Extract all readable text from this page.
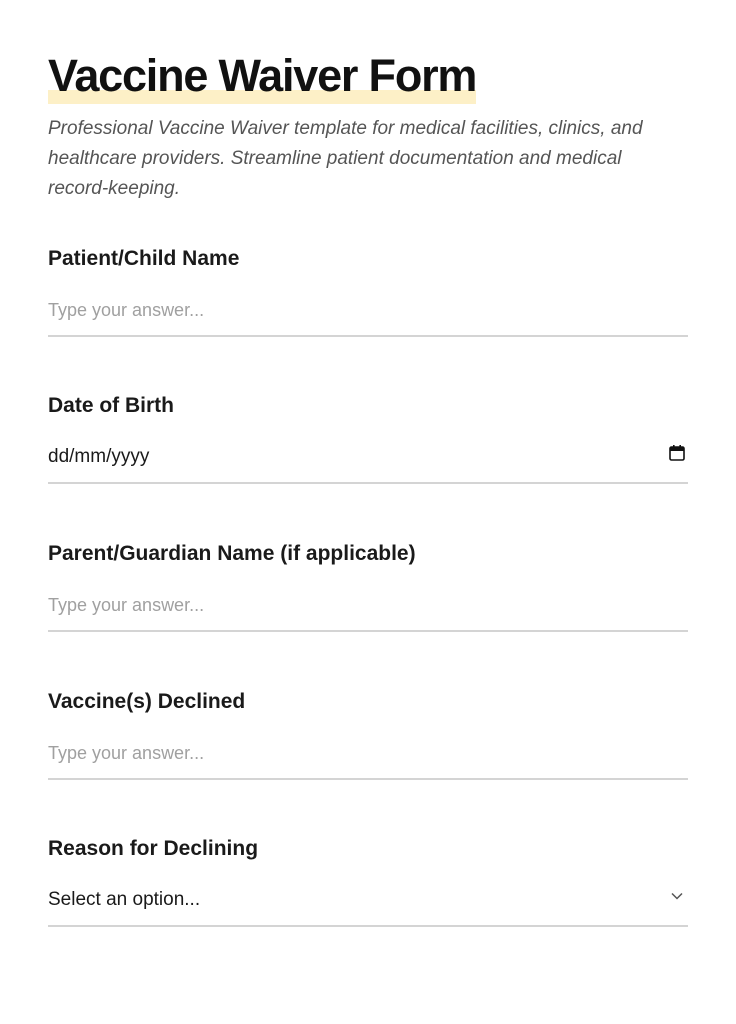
Vaccine Waiver Form

Professional Vaccine Waiver template for medical facilities, clinics, and healthcare providers. Streamline patient documentation and medical record-keeping.

Patient/Child Name
Type your answer...
Date of Birth
dd/mm/yyyy
Parent/Guardian Name (if applicable)
Type your answer...
Vaccine(s) Declined
Type your answer...
Reason for Declining
Select an option...
